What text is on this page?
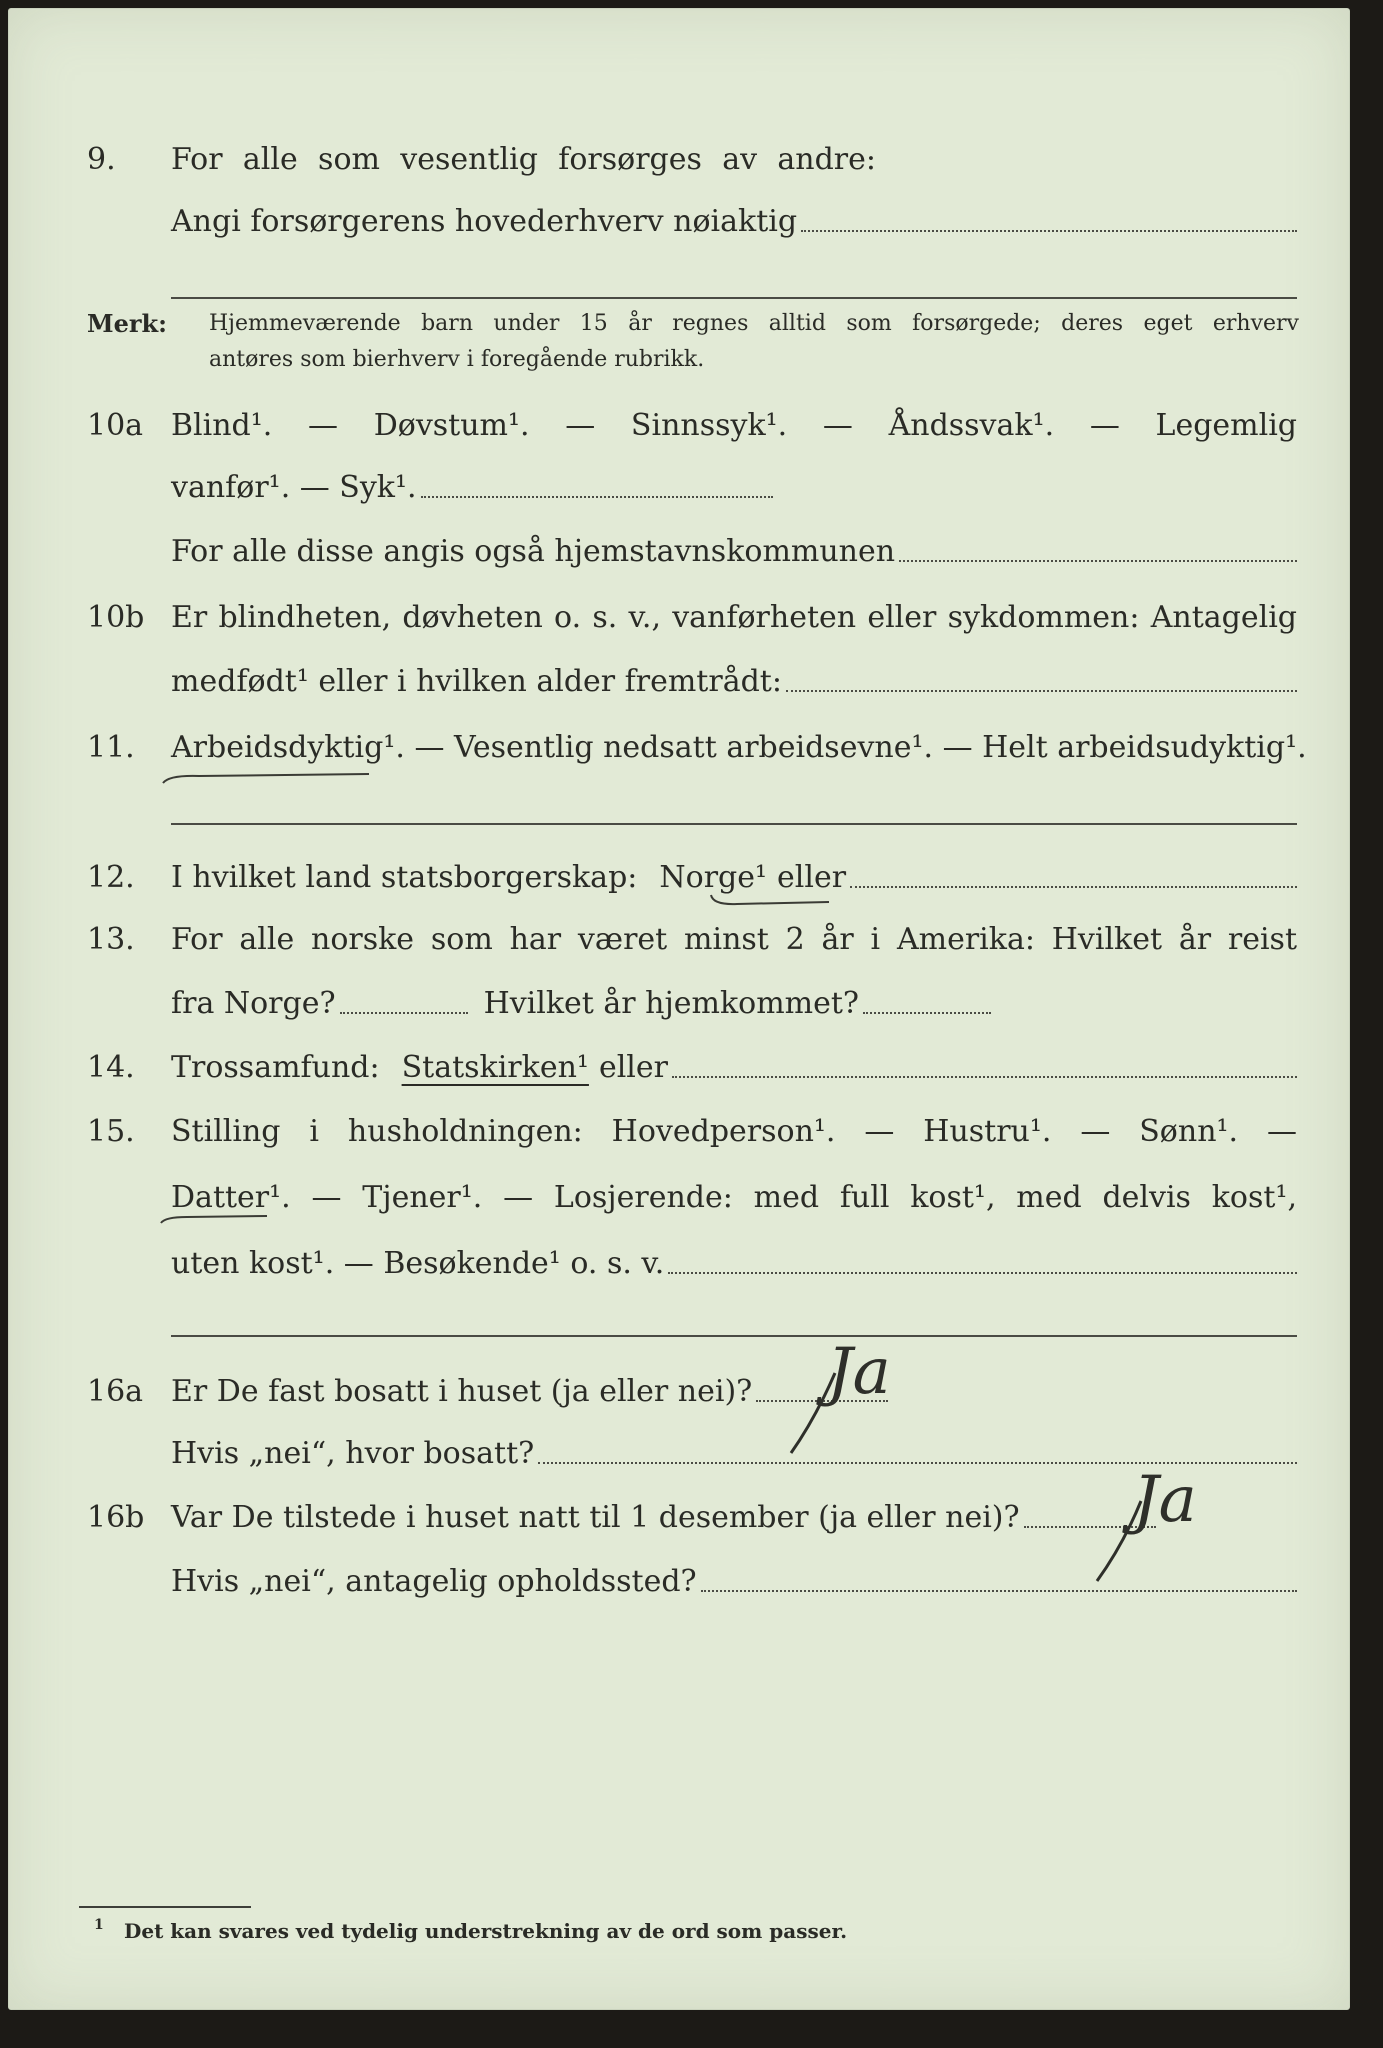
9.	For alle som vesentlig forsørges av andre:
Angi forsørgerens hovederhverv nøiaktig
Merk: Hjemmeværende barn under 15 år regnes alltid som forsørgede; deres eget erhverv
antøres som bierhverv i foregående rubrikk.
10a Blind¹. — Døvstum¹. — Sinnssyk¹. — Åndssvak¹. — Legemlig
vanfør¹. — Syk¹.
For alle disse angis også hjemstavnskommunen
10b Er blindheten, døvheten o. s. v., vanførheten eller sykdommen: Antagelig
medfødt¹ eller i hvilken alder fremtrådt:
11.	Arbeidsdyktig¹ . — Vesentlig nedsatt arbeidsevne¹. — Helt arbeidsudyktig¹.
12.	I hvilket land statsborgerskap: Norge¹ eller
13.	For alle norske som har været minst 2 år i Amerika: Hvilket år reist
fra Norge?	Hvilket år hjemkommet?
14.	Trossamfund: Statskirken¹ eller
15.	Stilling i husholdningen: Hovedperson¹. — Hustru¹. — Sønn¹. —
Datter¹ . — Tjener¹. — Losjerende: med full kost¹, med delvis kost¹,
uten kost¹. — Besøkende¹ o. s. v.
16a Er De fast bosatt i huset (ja eller nei)? Ja
Hvis „nei“, hvor bosatt?
16b Var De tilstede i huset natt til 1 desember (ja eller nei)? Ja
Hvis „nei“, antagelig opholdssted?
1 Det kan svares ved tydelig understrekning av de ord som passer.
